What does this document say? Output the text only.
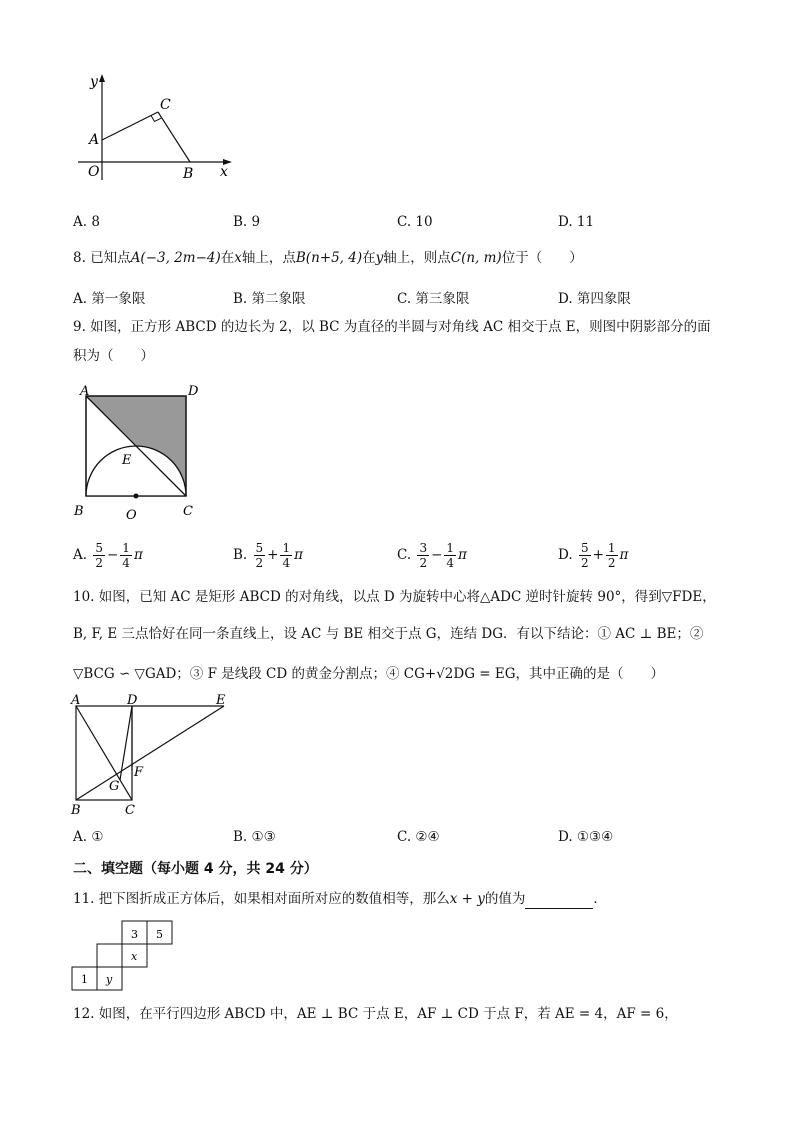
y
x
O
A
B
C
A. 8	B. 9	C. 10	D. 11
8. 已知点A(−3, 2m−4)在x轴上，点B(n+5, 4)在y轴上，则点C(n, m)位于（　　）
A. 第一象限	B. 第二象限	C. 第三象限	D. 第四象限
9. 如图，正方形 ABCD 的边长为 2，以 BC 为直径的半圆与对角线 AC 相交于点 E，则图中阴影部分的面
积为（　　）
A	D
E
B	O	C
A. $\frac{5}{2} - \frac{1}{4}$ π	B. $\frac{5}{2} + \frac{1}{4}$ π	C. $\frac{3}{2} - \frac{1}{4}$ π	D. $\frac{5}{2} + \frac{1}{2}$ π
10. 如图，已知 AC 是矩形 ABCD 的对角线，以点 D 为旋转中心将△ADC 逆时针旋转 90°，得到▽FDE，
B, F, E 三点恰好在同一条直线上，设 AC 与 BE 相交于点 G，连结 DG．有以下结论：① AC ⊥ BE；②
▽BCG ∽ ▽GAD；③ F 是线段 CD 的黄金分割点；④ CG+√2DG = EG，其中正确的是（　　）
A	D	E
F
G
B	C
A. ①	B. ①③	C. ②④	D. ①③④
二、填空题（每小题 4 分，共 24 分）
11. 把下图折成正方体后，如果相对面所对应的数值相等，那么x + y的值为	．
3 5
x
1 y
12. 如图，在平行四边形 ABCD 中，AE ⊥ BC 于点 E，AF ⊥ CD 于点 F，若 AE = 4，AF = 6，
